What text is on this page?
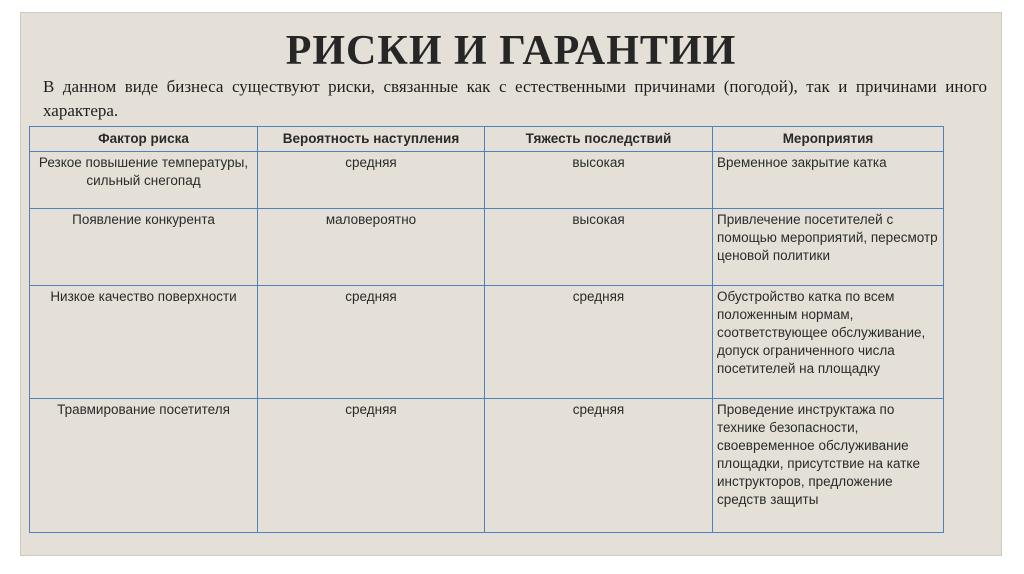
РИСКИ И ГАРАНТИИ

В данном виде бизнеса существуют риски, связанные как с естественными причинами (погодой), так и причинами иного характера.

Фактор риска	Вероятность наступления	Тяжесть последствий	Мероприятия
Резкое повышение температуры, сильный снегопад	средняя	высокая	Временное закрытие катка
Появление конкурента	маловероятно	высокая	Привлечение посетителей с помощью мероприятий, пересмотр ценовой политики
Низкое качество поверхности	средняя	средняя	Обустройство катка по всем положенным нормам, соответствующее обслуживание, допуск ограниченного числа посетителей на площадку
Травмирование посетителя	средняя	средняя	Проведение инструктажа по технике безопасности, своевременное обслуживание площадки, присутствие на катке инструкторов, предложение средств защиты
